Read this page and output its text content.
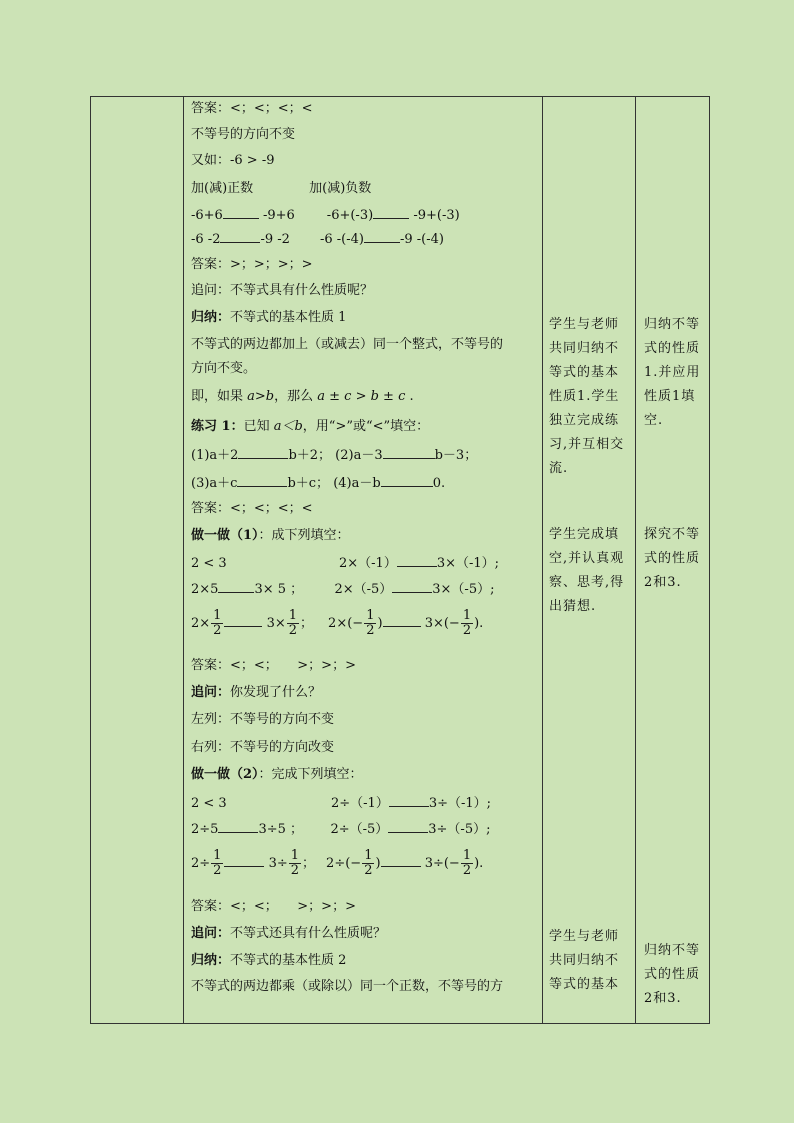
答案：<；<；<；<
不等号的方向不变
又如：-6 > -9
加(减)正数	加(减)负数
-6+6	-9+6 -6+(-3)	-9+(-3)
-6 -2	-9 -2 -6 -(-4)	-9 -(-4)
答案：>；>；>；>
追问：不等式具有什么性质呢？
归纳：不等式的基本性质 1
不等式的两边都加上（或减去）同一个整式，不等号的
方向不变。
即，如果 a>b，那么 a ± c > b ± c .
练习 1：已知 a＜b，用“>”或“<”填空：
(1)a＋2	b＋2； (2)a－3	b－3；
(3)a＋c	b＋c； (4)a－b	0.
答案：<；<；<；<
做一做（1）：成下列填空：
2 < 3	2×（-1）	3×（-1）;
2×5	3× 5 ； 2×（-5）	3×（-5）;
$2\times \frac{1}{2}$	$3\times \frac{1}{2}$ ； $2\times(- \frac{1}{2}$ )	$3\times(- \frac{1}{2}$ ).
答案：<；<；　　>；>；>
追问：你发现了什么？
左列：不等号的方向不变
右列：不等号的方向改变
做一做（2）：完成下列填空：
2 < 3	2÷（-1）	3÷（-1）;
2÷5	3÷5 ； 2÷（-5）	3÷（-5）;
$2\div \frac{1}{2}$	$3\div \frac{1}{2}$ ； $2\div(- \frac{1}{2}$ )	$3\div(- \frac{1}{2}$ ).
答案：<；<；　　>；>；>
追问：不等式还具有什么性质呢？
归纳：不等式的基本性质 2
不等式的两边都乘（或除以）同一个正数，不等号的方
学生与老师共同归纳不等式的基本性质1.学生独立完成练习,并互相交流.
学生完成填空,并认真观察、思考,得出猜想.
学生与老师共同归纳不等式的基本
归纳不等式的性质1.并应用性质1填空.
探究不等式的性质2和3.
归纳不等式的性质2和3.
